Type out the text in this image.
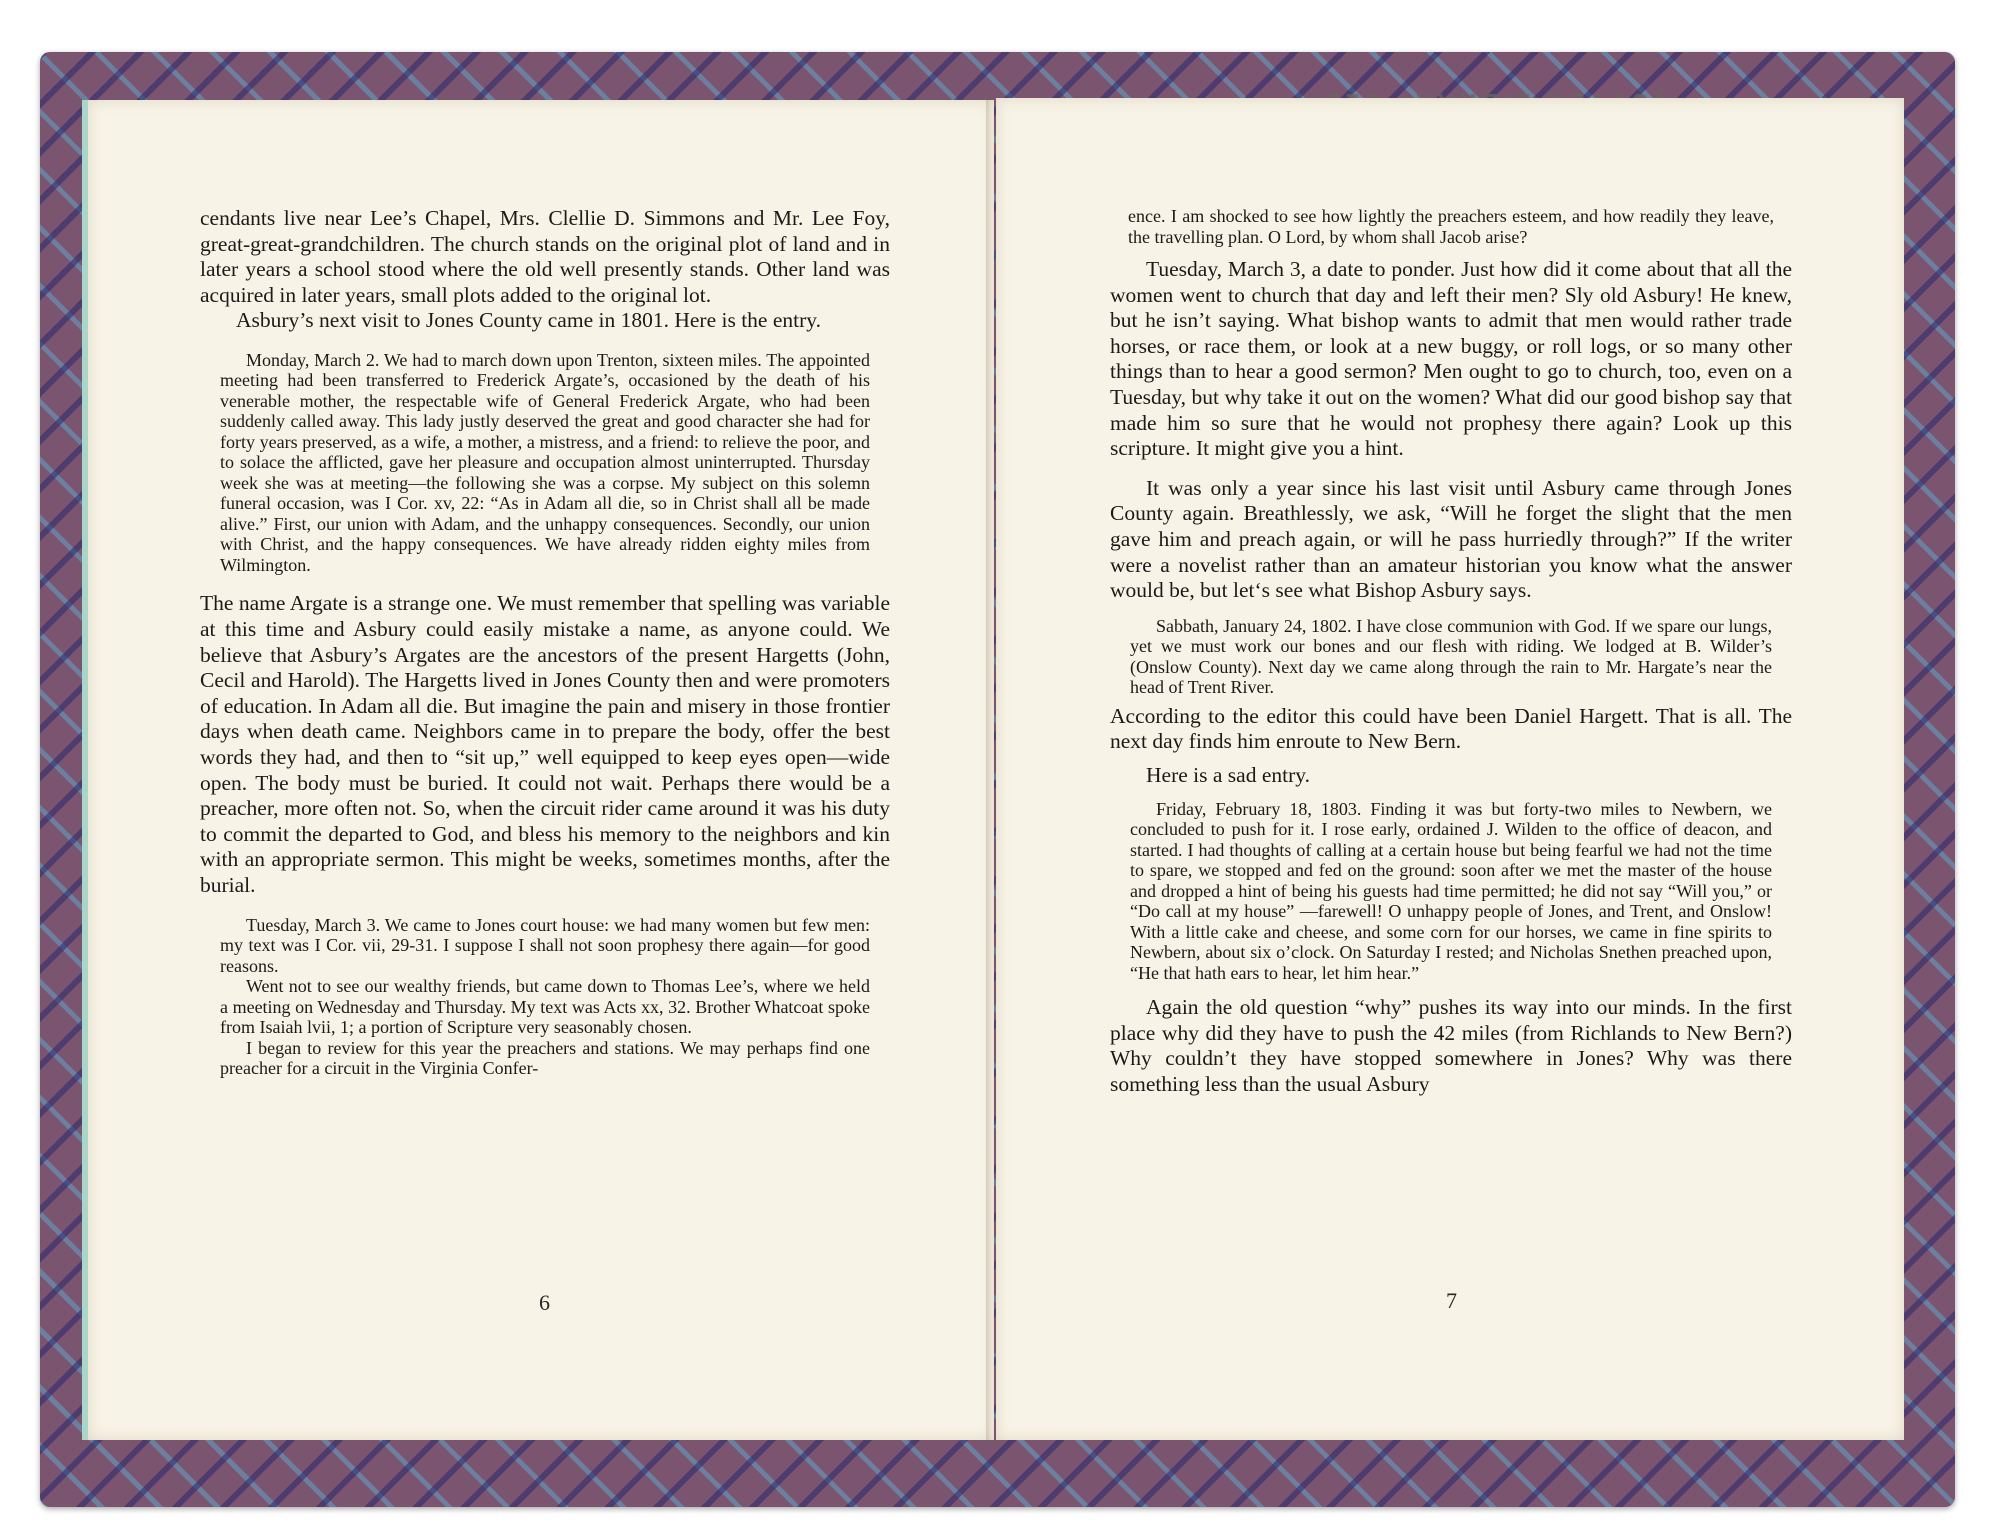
cendants live near Lee’s Chapel, Mrs. Clellie D. Simmons and Mr. Lee Foy, great-great-grandchildren. The church stands on the original plot of land and in later years a school stood where the old well presently stands. Other land was acquired in later years, small plots added to the original lot.

Asbury’s next visit to Jones County came in 1801. Here is the entry.

Monday, March 2. We had to march down upon Trenton, sixteen miles. The appointed meeting had been transferred to Frederick Argate’s, occasioned by the death of his venerable mother, the respectable wife of General Frederick Argate, who had been suddenly called away. This lady justly deserved the great and good character she had for forty years preserved, as a wife, a mother, a mistress, and a friend: to relieve the poor, and to solace the afflicted, gave her pleasure and occupation almost uninterrupted. Thursday week she was at meeting—the following she was a corpse. My subject on this solemn funeral occasion, was I Cor. xv, 22: “As in Adam all die, so in Christ shall all be made alive.” First, our union with Adam, and the unhappy consequences. Secondly, our union with Christ, and the happy consequences. We have already ridden eighty miles from Wilmington.

The name Argate is a strange one. We must remember that spelling was variable at this time and Asbury could easily mistake a name, as anyone could. We believe that Asbury’s Argates are the ancestors of the present Hargetts (John, Cecil and Harold). The Hargetts lived in Jones County then and were promoters of education. In Adam all die. But imagine the pain and misery in those frontier days when death came. Neighbors came in to prepare the body, offer the best words they had, and then to “sit up,” well equipped to keep eyes open—wide open. The body must be buried. It could not wait. Perhaps there would be a preacher, more often not. So, when the circuit rider came around it was his duty to commit the departed to God, and bless his memory to the neighbors and kin with an appropriate sermon. This might be weeks, sometimes months, after the burial.

Tuesday, March 3. We came to Jones court house: we had many women but few men: my text was I Cor. vii, 29-31. I suppose I shall not soon prophesy there again—for good reasons.

Went not to see our wealthy friends, but came down to Thomas Lee’s, where we held a meeting on Wednesday and Thursday. My text was Acts xx, 32. Brother Whatcoat spoke from Isaiah lvii, 1; a portion of Scripture very seasonably chosen.

I began to review for this year the preachers and stations. We may perhaps find one preacher for a circuit in the Virginia Confer-

6

ence. I am shocked to see how lightly the preachers esteem, and how readily they leave, the travelling plan. O Lord, by whom shall Jacob arise?

Tuesday, March 3, a date to ponder. Just how did it come about that all the women went to church that day and left their men? Sly old Asbury! He knew, but he isn’t saying. What bishop wants to admit that men would rather trade horses, or race them, or look at a new buggy, or roll logs, or so many other things than to hear a good sermon? Men ought to go to church, too, even on a Tuesday, but why take it out on the women? What did our good bishop say that made him so sure that he would not prophesy there again? Look up this scripture. It might give you a hint.

It was only a year since his last visit until Asbury came through Jones County again. Breathlessly, we ask, “Will he forget the slight that the men gave him and preach again, or will he pass hurriedly through?” If the writer were a novelist rather than an amateur historian you know what the answer would be, but let‘s see what Bishop Asbury says.

Sabbath, January 24, 1802. I have close communion with God. If we spare our lungs, yet we must work our bones and our flesh with riding. We lodged at B. Wilder’s (Onslow County). Next day we came along through the rain to Mr. Hargate’s near the head of Trent River.

According to the editor this could have been Daniel Hargett. That is all. The next day finds him enroute to New Bern.

Here is a sad entry.

Friday, February 18, 1803. Finding it was but forty-two miles to Newbern, we concluded to push for it. I rose early, ordained J. Wilden to the office of deacon, and started. I had thoughts of calling at a certain house but being fearful we had not the time to spare, we stopped and fed on the ground: soon after we met the master of the house and dropped a hint of being his guests had time permitted; he did not say “Will you,” or “Do call at my house” —farewell! O unhappy people of Jones, and Trent, and Onslow! With a little cake and cheese, and some corn for our horses, we came in fine spirits to Newbern, about six o’clock. On Saturday I rested; and Nicholas Snethen preached upon, “He that hath ears to hear, let him hear.”

Again the old question “why” pushes its way into our minds. In the first place why did they have to push the 42 miles (from Richlands to New Bern?) Why couldn’t they have stopped somewhere in Jones? Why was there something less than the usual Asbury

7
